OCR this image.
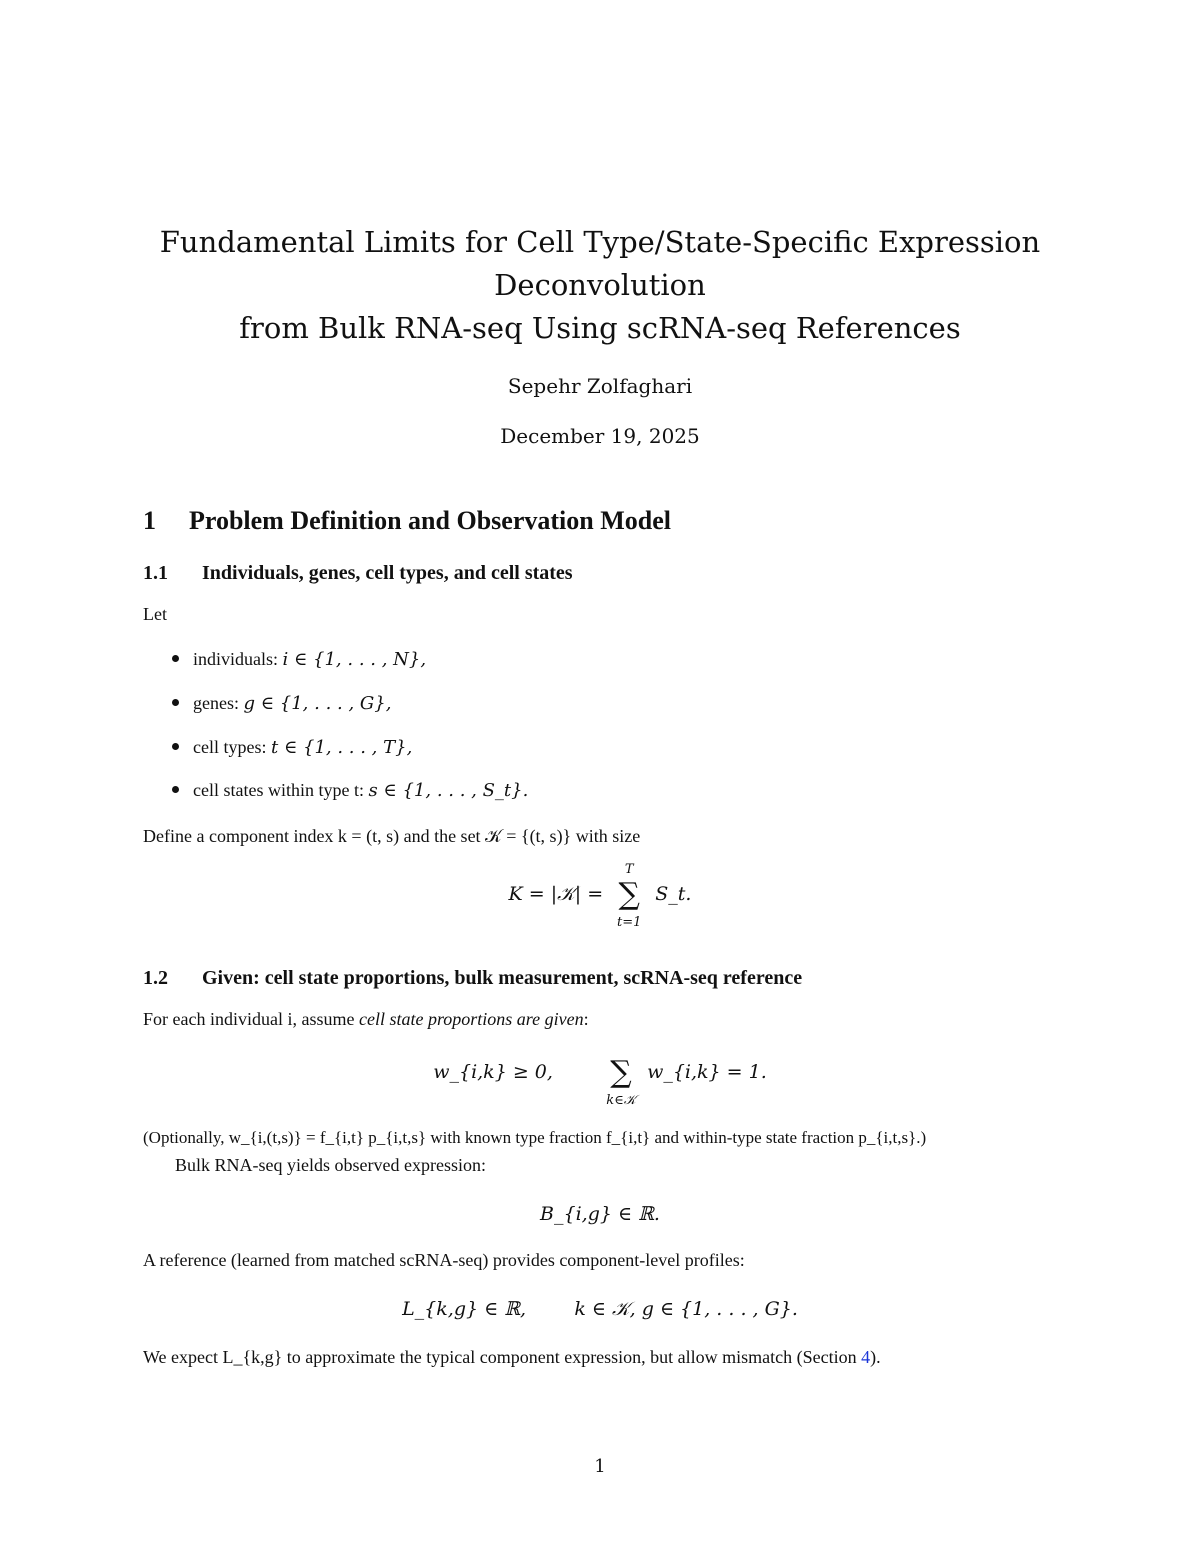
Fundamental Limits for Cell Type/State-Specific Expression
Deconvolution
from Bulk RNA-seq Using scRNA-seq References
Sepehr Zolfaghari
December 19, 2025
1 Problem Definition and Observation Model
1.1 Individuals, genes, cell types, and cell states
Let
individuals: i ∈ {1, . . . , N},
genes: g ∈ {1, . . . , G},
cell types: t ∈ {1, . . . , T},
cell states within type t: s ∈ {1, . . . , S_t}.
Define a component index k = (t, s) and the set 𝒦 = {(t, s)} with size
K = |𝒦| =
T
∑
t=1
S_t.
1.2 Given: cell state proportions, bulk measurement, scRNA-seq reference
For each individual i, assume cell state proportions are given:
w_{i,k} ≥ 0, ∑
k∈𝒦
w_{i,k} = 1.
(Optionally, w_{i,(t,s)} = f_{i,t} p_{i,t,s} with known type fraction f_{i,t} and within-type state fraction p_{i,t,s}.)
Bulk RNA-seq yields observed expression:
B_{i,g} ∈ ℝ.
A reference (learned from matched scRNA-seq) provides component-level profiles:
L_{k,g} ∈ ℝ,        k ∈ 𝒦, g ∈ {1, . . . , G}.
We expect L_{k,g} to approximate the typical component expression, but allow mismatch (Section 4).
1
